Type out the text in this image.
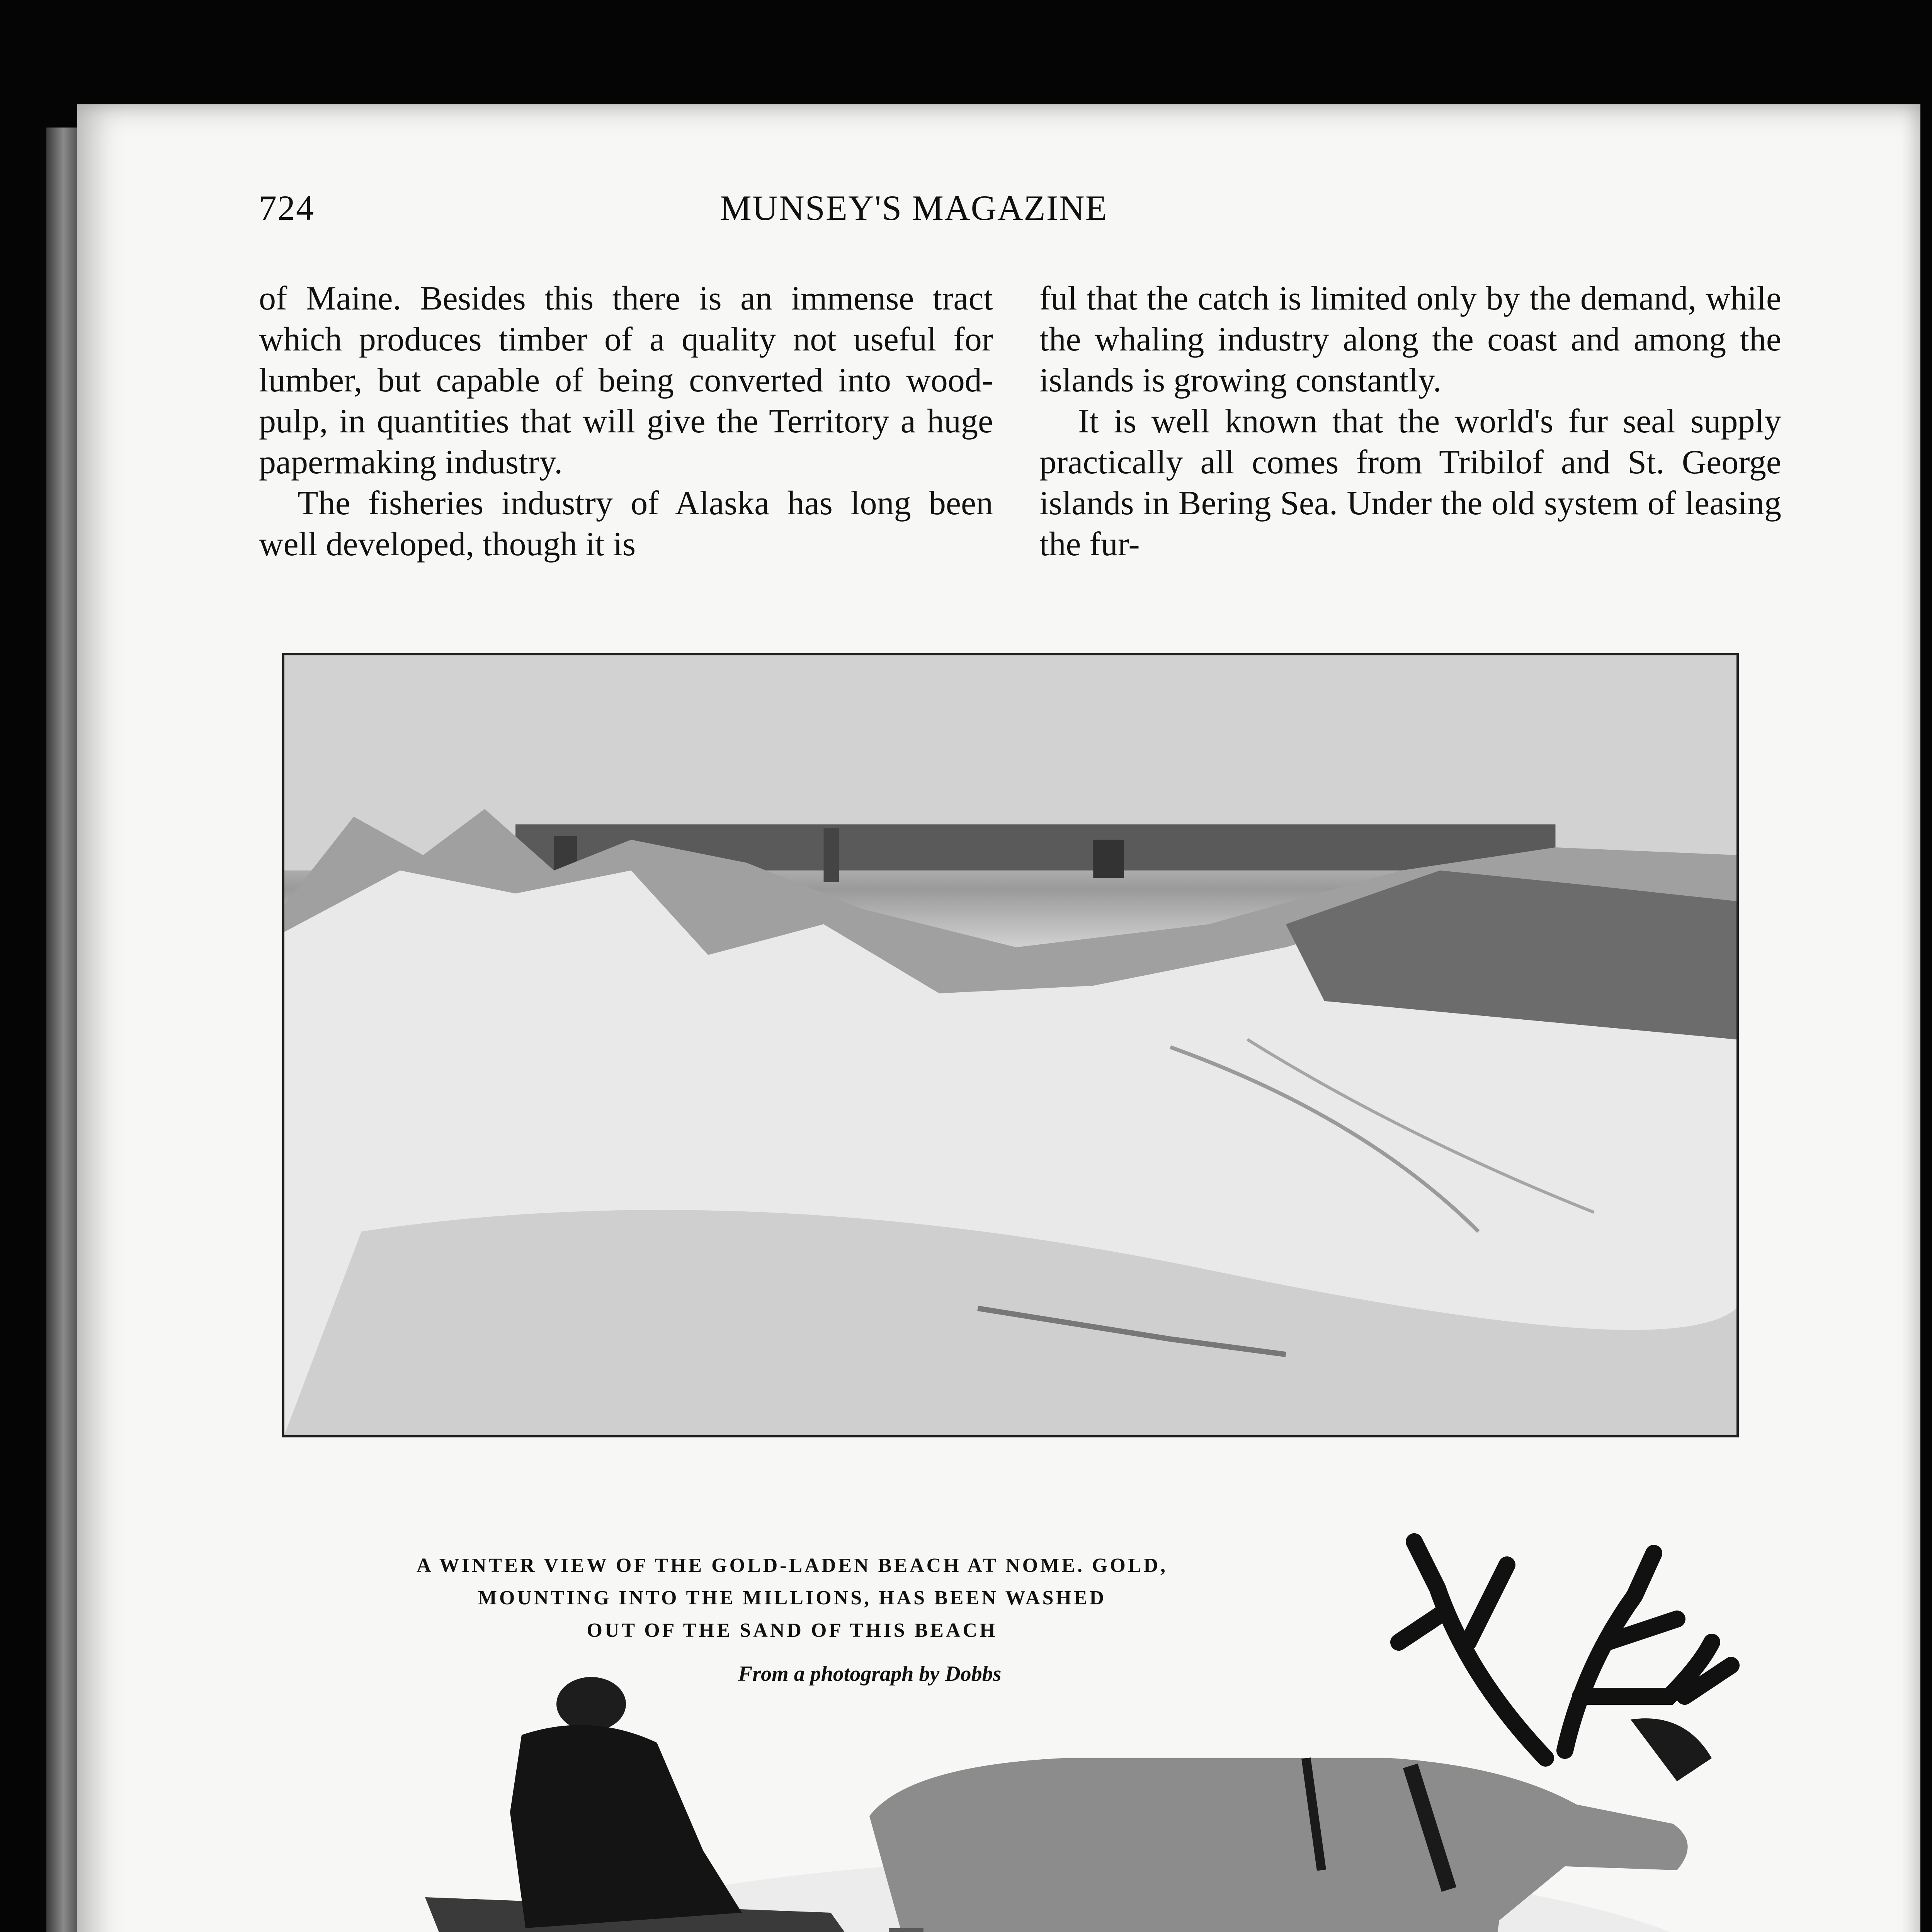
724	MUNSEY'S MAGAZINE

of Maine. Besides this there is an immense tract which produces timber of a quality not useful for lumber, but capable of being converted into wood-pulp, in quantities that will give the Territory a huge papermaking industry.

The fisheries industry of Alaska has long been well developed, though it is

ful that the catch is limited only by the demand, while the whaling industry along the coast and among the islands is growing constantly.

It is well known that the world's fur seal supply practically all comes from Tribilof and St. George islands in Bering Sea. Under the old system of leasing the fur-

A WINTER VIEW OF THE GOLD-LADEN BEACH AT NOME. GOLD,
MOUNTING INTO THE MILLIONS, HAS BEEN WASHED
OUT OF THE SAND OF THIS BEACH
From a photograph by Dobbs
